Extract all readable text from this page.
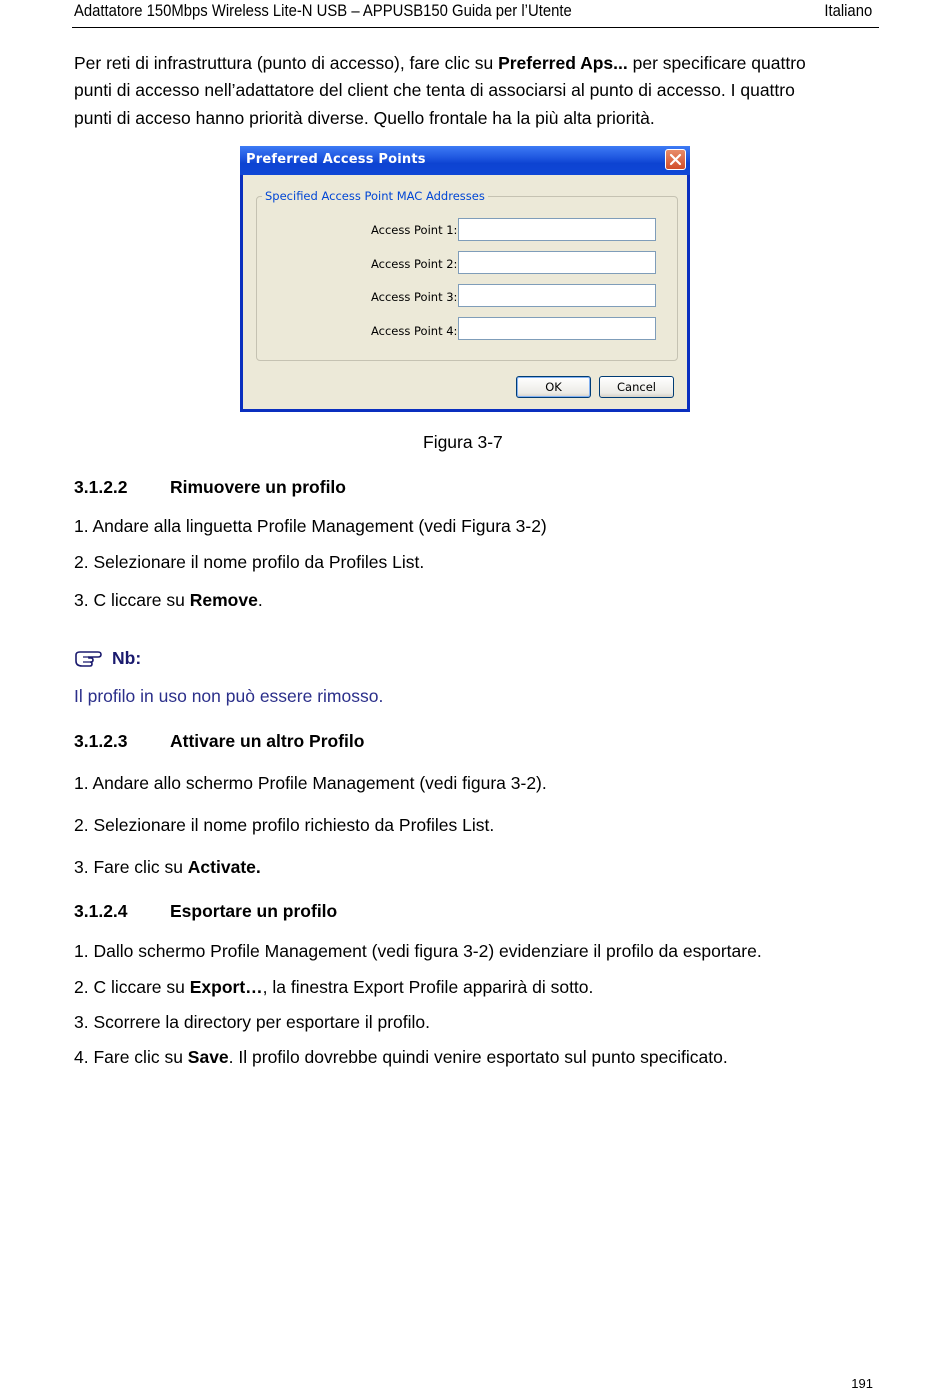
Adattatore 150Mbps Wireless Lite-N USB – APPUSB150 Guida per l’Utente	Italiano
Per reti di infrastruttura (punto di accesso), fare clic su Preferred Aps... per specificare quattro
punti di accesso nell’adattatore del client che tenta di associarsi al punto di accesso. I quattro
punti di acceso hanno priorità diverse. Quello frontale ha la più alta priorità.
Preferred Access Points
Specified Access Point MAC Addresses
Access Point 1:
Access Point 2:
Access Point 3:
Access Point 4:
OK	Cancel
Figura 3-7
3.1.2.2 Rimuovere un profilo
1. Andare alla linguetta Profile Management (vedi Figura 3-2)
2. Selezionare il nome profilo da Profiles List.
3. C liccare su Remove.
Nb:
Il profilo in uso non può essere rimosso.
3.1.2.3 Attivare un altro Profilo
1. Andare allo schermo Profile Management (vedi figura 3-2).
2. Selezionare il nome profilo richiesto da Profiles List.
3. Fare clic su Activate.
3.1.2.4 Esportare un profilo
1. Dallo schermo Profile Management (vedi figura 3-2) evidenziare il profilo da esportare.
2. C liccare su Export…, la finestra Export Profile apparirà di sotto.
3. Scorrere la directory per esportare il profilo.
4. Fare clic su Save. Il profilo dovrebbe quindi venire esportato sul punto specificato.
191
